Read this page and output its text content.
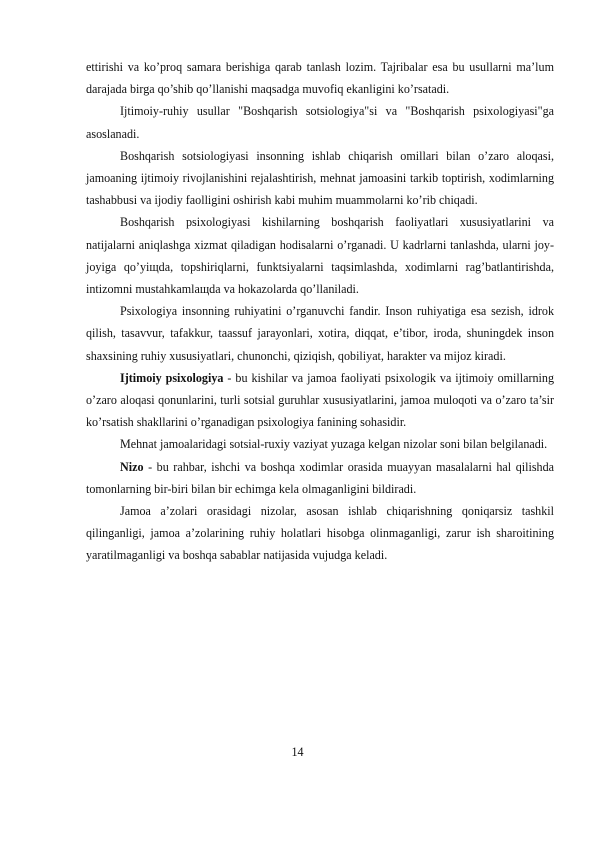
ettirishi va ko’proq samara berishiga qarab tanlash lozim. Tajribalar esa bu usullarni ma’lum darajada birga qo’shib qo’llanishi maqsadga muvofiq ekanligini ko’rsatadi.

Ijtimoiy-ruhiy usullar "Boshqarish sotsiologiya"si va "Boshqarish psixologiyasi"ga asoslanadi.

Boshqarish sotsiologiyasi insonning ishlab chiqarish omillari bilan o’zaro aloqasi, jamoaning ijtimoiy rivojlanishini rejalashtirish, mehnat jamoasini tarkib toptirish, xodimlarning tashabbusi va ijodiy faolligini oshirish kabi muhim muammolarni ko’rib chiqadi.

Boshqarish psixologiyasi kishilarning boshqarish faoliyatlari xususiyatlarini va natijalarni aniqlashga xizmat qiladigan hodisalarni o’rganadi. U kadrlarni tanlashda, ularni joy-joyiga qo’yiщda, topshiriqlarni, funktsiyalarni taqsimlashda, xodimlarni rag’batlantirishda, intizomni mustahkamlaщda va hokazolarda qo’llaniladi.

Psixologiya insonning ruhiyatini o’rganuvchi fandir. Inson ruhiyatiga esa sezish, idrok qilish, tasavvur, tafakkur, taassuf jarayonlari, xotira, diqqat, e’tibor, iroda, shuningdek inson shaxsining ruhiy xususiyatlari, chunonchi, qiziqish, qobiliyat, harakter va mijoz kiradi.

Ijtimoiy psixologiya - bu kishilar va jamoa faoliyati psixologik va ijtimoiy omillarning o’zaro aloqasi qonunlarini, turli sotsial guruhlar xususiyatlarini, jamoa muloqoti va o’zaro ta’sir ko’rsatish shakllarini o’rganadigan psixologiya fanining sohasidir.

Mehnat jamoalaridagi sotsial-ruxiy vaziyat yuzaga kelgan nizolar soni bilan belgilanadi.

Nizo - bu rahbar, ishchi va boshqa xodimlar orasida muayyan masalalarni hal qilishda tomonlarning bir-biri bilan bir echimga kela olmaganligini bildiradi.

Jamoa a’zolari orasidagi nizolar, asosan ishlab chiqarishning qoniqarsiz tashkil qilinganligi, jamoa a’zolarining ruhiy holatlari hisobga olinmaganligi, zarur ish sharoitining yaratilmaganligi va boshqa sabablar natijasida vujudga keladi.

14
